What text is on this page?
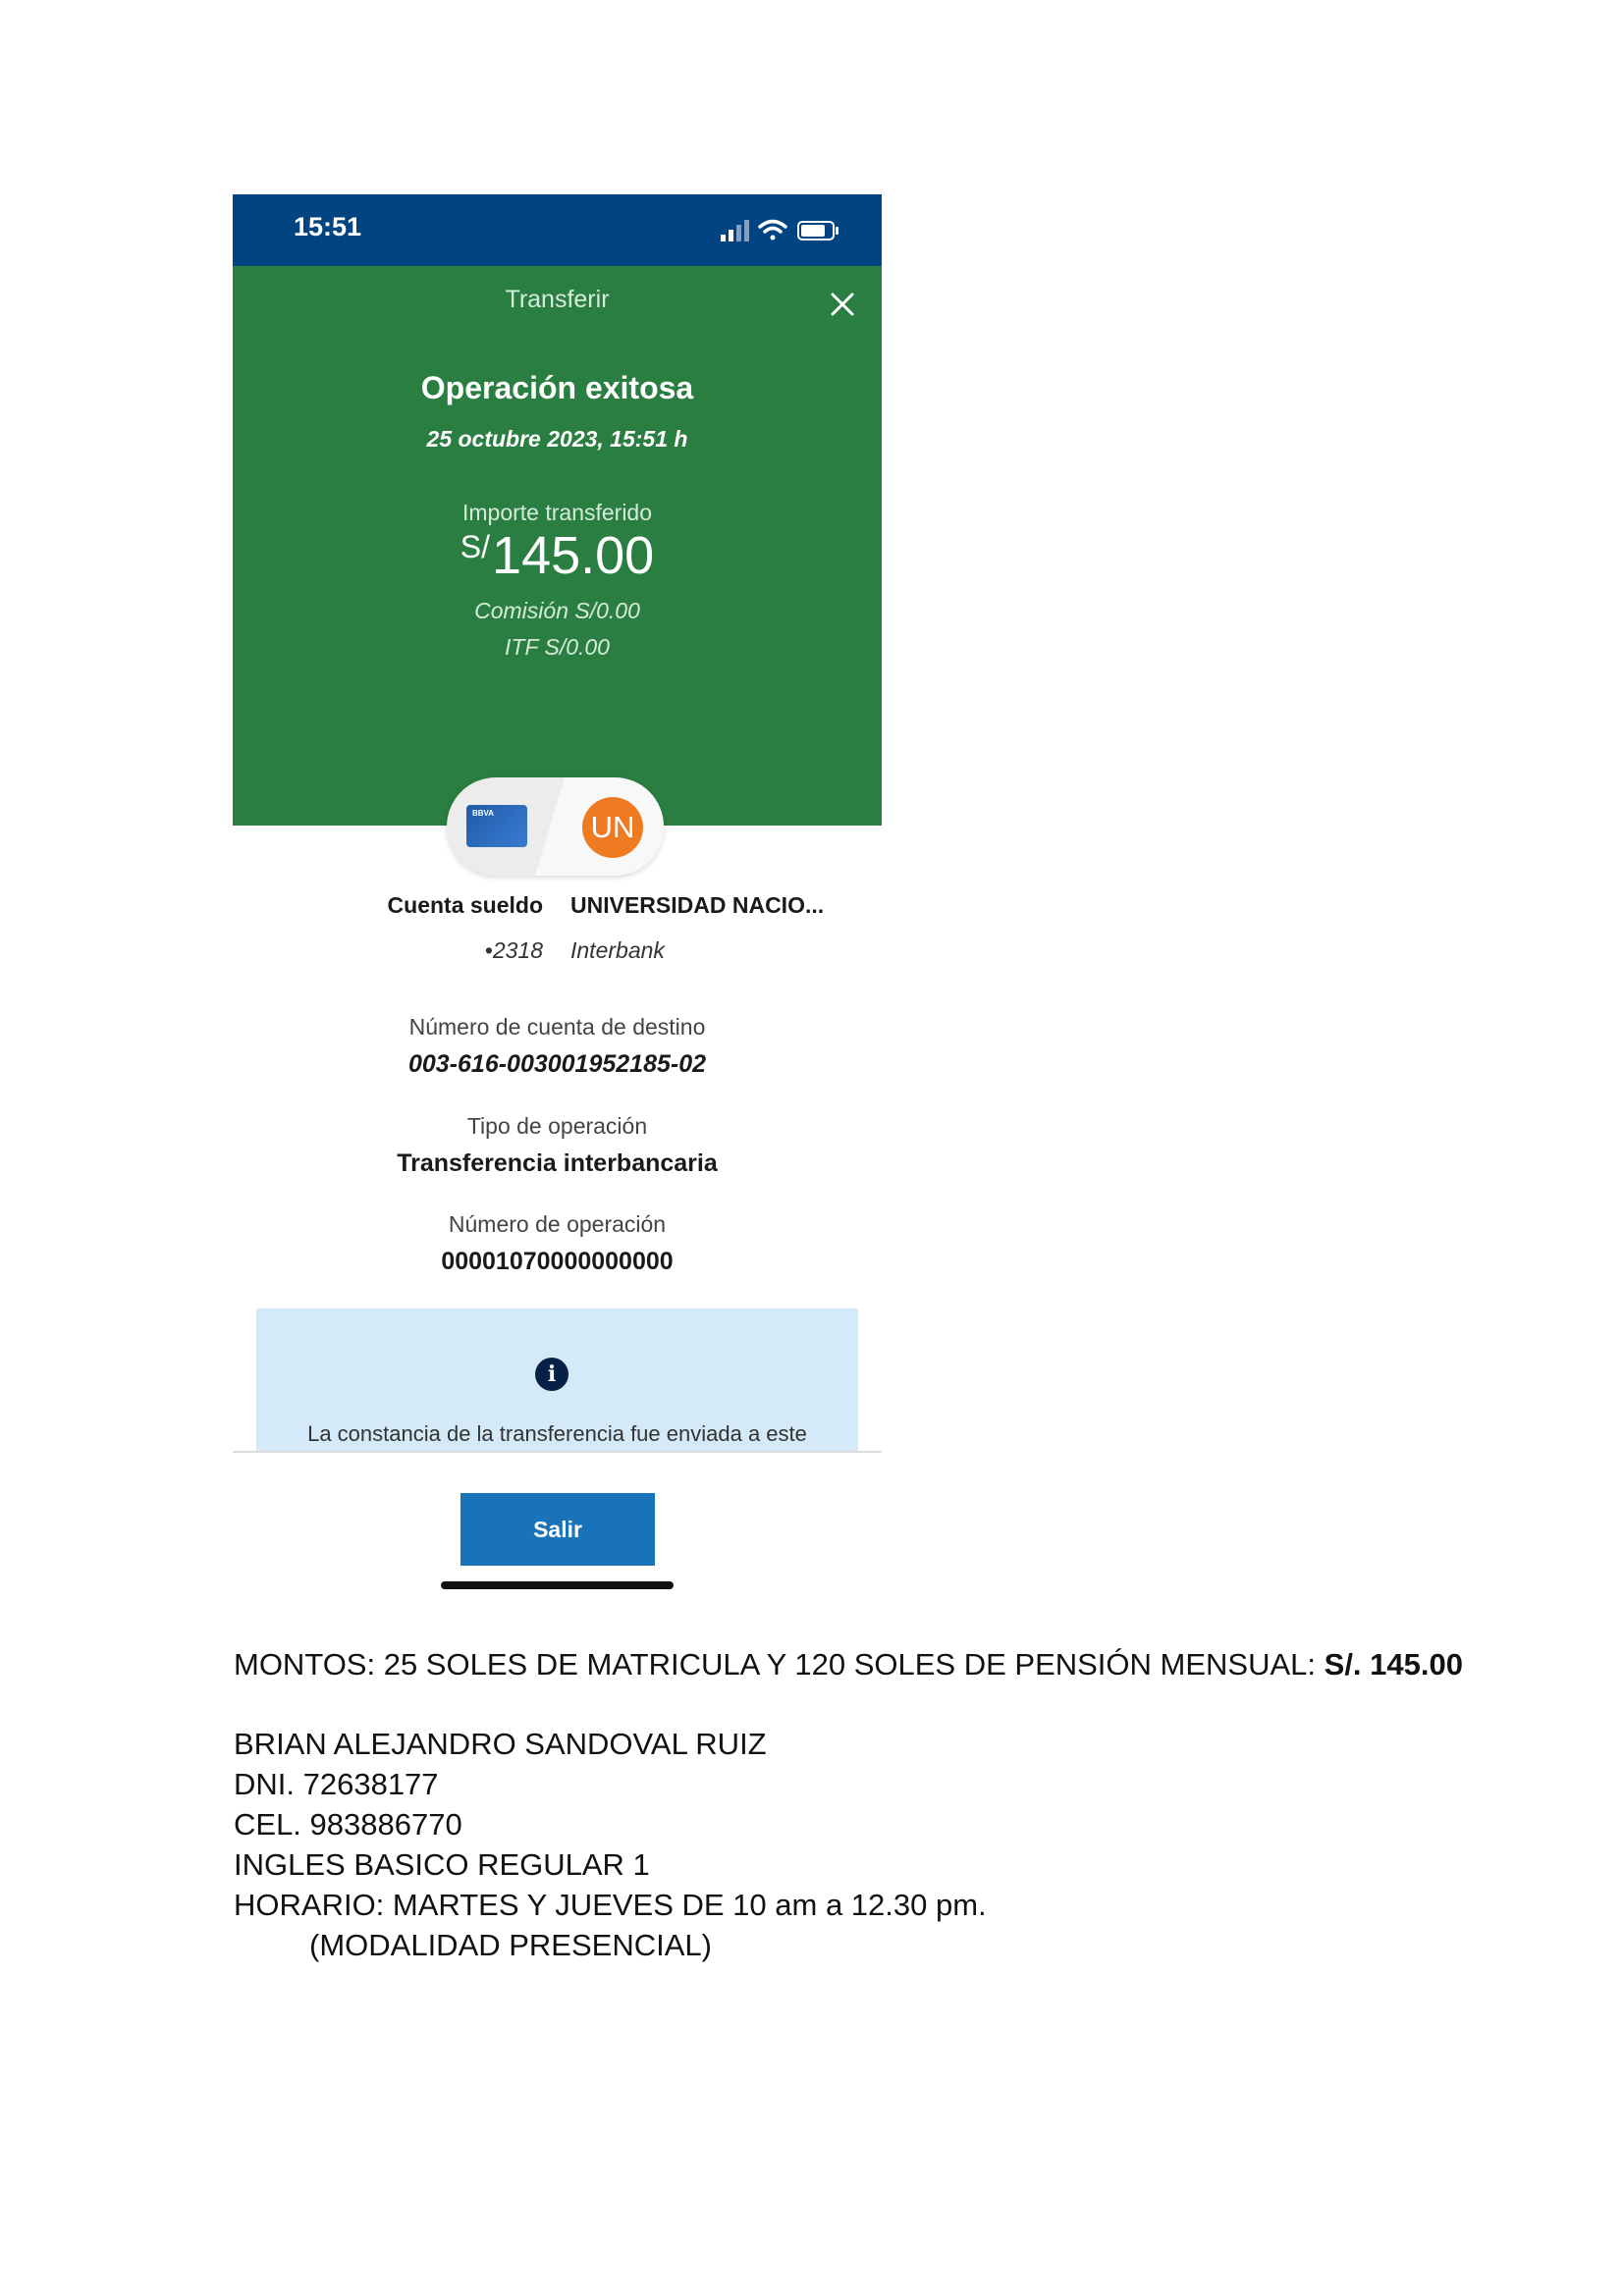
15:51
Transferir
Operación exitosa
25 octubre 2023, 15:51 h
Importe transferido
S/ 145.00
Comisión S/0.00
ITF S/0.00
BBVA	UN
Cuenta sueldo
•2318
UNIVERSIDAD NACIO...
Interbank
Número de cuenta de destino
003-616-003001952185-02
Tipo de operación
Transferencia interbancaria
Número de operación
00001070000000000
i
La constancia de la transferencia fue enviada a este
Salir
MONTOS: 25 SOLES DE MATRICULA Y 120 SOLES DE PENSIÓN MENSUAL: S/. 145.00
BRIAN ALEJANDRO SANDOVAL RUIZ
DNI. 72638177
CEL. 983886770
INGLES BASICO REGULAR 1
HORARIO: MARTES Y JUEVES DE 10 am a 12.30 pm.
(MODALIDAD PRESENCIAL)
